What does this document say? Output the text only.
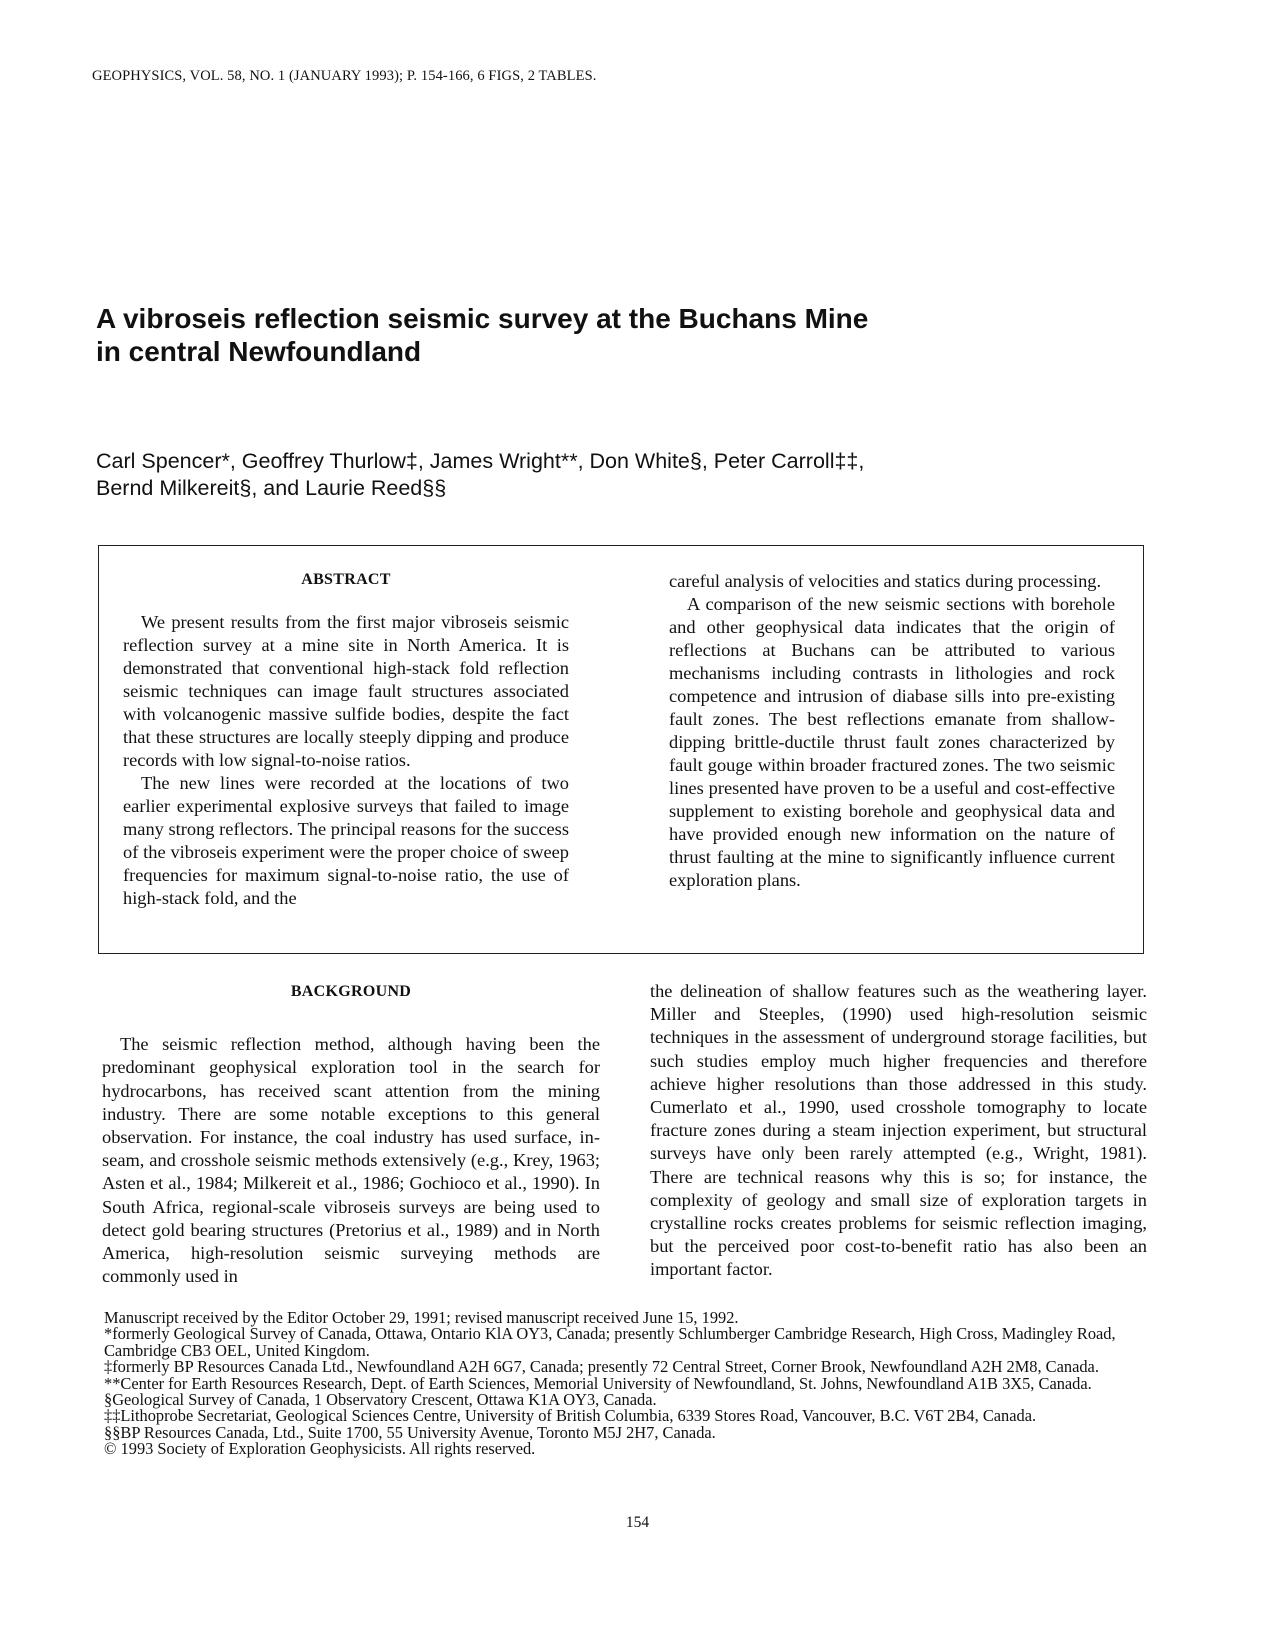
GEOPHYSICS, VOL. 58, NO. 1 (JANUARY 1993); P. 154-166, 6 FIGS, 2 TABLES.
A vibroseis reflection seismic survey at the Buchans Mine
in central Newfoundland
Carl Spencer*, Geoffrey Thurlow‡, James Wright**, Don White§, Peter Carroll‡‡,
Bernd Milkereit§, and Laurie Reed§§
ABSTRACT

We present results from the first major vibroseis seismic reflection survey at a mine site in North America. It is demonstrated that conventional high-stack fold reflection seismic techniques can image fault structures associated with volcanogenic massive sulfide bodies, despite the fact that these structures are locally steeply dipping and produce records with low signal-to-noise ratios.

The new lines were recorded at the locations of two earlier experimental explosive surveys that failed to image many strong reflectors. The principal reasons for the success of the vibroseis experiment were the proper choice of sweep frequencies for maximum signal-to-noise ratio, the use of high-stack fold, and the

careful analysis of velocities and statics during processing.

A comparison of the new seismic sections with borehole and other geophysical data indicates that the origin of reflections at Buchans can be attributed to various mechanisms including contrasts in lithologies and rock competence and intrusion of diabase sills into pre-existing fault zones. The best reflections emanate from shallow-dipping brittle-ductile thrust fault zones characterized by fault gouge within broader fractured zones. The two seismic lines presented have proven to be a useful and cost-effective supplement to existing borehole and geophysical data and have provided enough new information on the nature of thrust faulting at the mine to significantly influence current exploration plans.

BACKGROUND

The seismic reflection method, although having been the predominant geophysical exploration tool in the search for hydrocarbons, has received scant attention from the mining industry. There are some notable exceptions to this general observation. For instance, the coal industry has used surface, in-seam, and crosshole seismic methods extensively (e.g., Krey, 1963; Asten et al., 1984; Milkereit et al., 1986; Gochioco et al., 1990). In South Africa, regional-scale vibroseis surveys are being used to detect gold bearing structures (Pretorius et al., 1989) and in North America, high-resolution seismic surveying methods are commonly used in

the delineation of shallow features such as the weathering layer. Miller and Steeples, (1990) used high-resolution seismic techniques in the assessment of underground storage facilities, but such studies employ much higher frequencies and therefore achieve higher resolutions than those addressed in this study. Cumerlato et al., 1990, used crosshole tomography to locate fracture zones during a steam injection experiment, but structural surveys have only been rarely attempted (e.g., Wright, 1981). There are technical reasons why this is so; for instance, the complexity of geology and small size of exploration targets in crystalline rocks creates problems for seismic reflection imaging, but the perceived poor cost-to-benefit ratio has also been an important factor.

Manuscript received by the Editor October 29, 1991; revised manuscript received June 15, 1992.
*formerly Geological Survey of Canada, Ottawa, Ontario KlA OY3, Canada; presently Schlumberger Cambridge Research, High Cross, Madingley Road, Cambridge CB3 OEL, United Kingdom.
‡formerly BP Resources Canada Ltd., Newfoundland A2H 6G7, Canada; presently 72 Central Street, Corner Brook, Newfoundland A2H 2M8, Canada.
**Center for Earth Resources Research, Dept. of Earth Sciences, Memorial University of Newfoundland, St. Johns, Newfoundland A1B 3X5, Canada.
§Geological Survey of Canada, 1 Observatory Crescent, Ottawa K1A OY3, Canada.
‡‡Lithoprobe Secretariat, Geological Sciences Centre, University of British Columbia, 6339 Stores Road, Vancouver, B.C. V6T 2B4, Canada.
§§BP Resources Canada, Ltd., Suite 1700, 55 University Avenue, Toronto M5J 2H7, Canada.
© 1993 Society of Exploration Geophysicists. All rights reserved.
154
